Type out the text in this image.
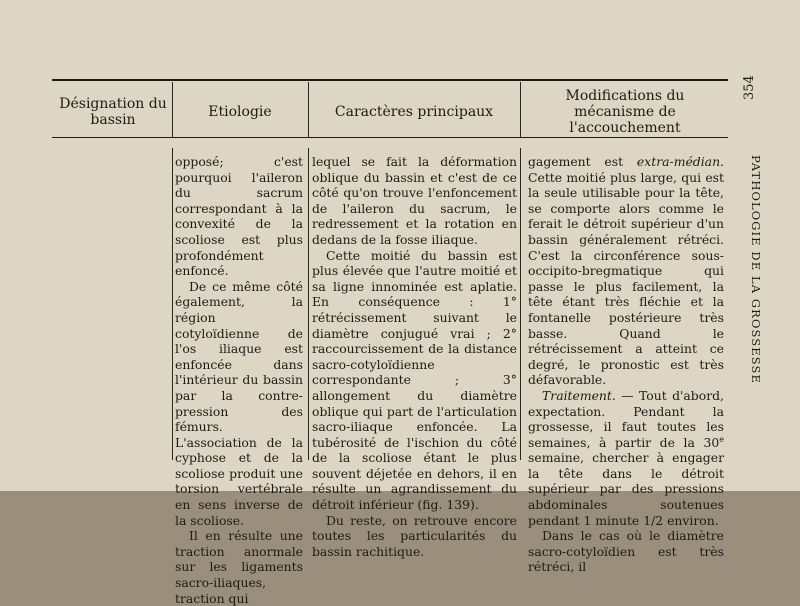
Désignation du bassin	Etiologie	Caractères principaux
Modifications du mécanisme de l'accouchement

opposé; c'est pourquoi l'aileron du sacrum correspondant à la convexité de la scoliose est plus profondément enfoncé.

De ce même côté également, la région cotyloïdienne de l'os iliaque est enfoncée dans l'intérieur du bassin par la contre-pression des fémurs. L'association de la cyphose et de la scoliose produit une torsion vertébrale en sens inverse de la scoliose.

Il en résulte une traction anormale sur les ligaments sacro-iliaques, traction qui

lequel se fait la déformation oblique du bassin et c'est de ce côté qu'on trouve l'enfoncement de l'aileron du sacrum, le redressement et la rotation en dedans de la fosse iliaque.

Cette moitié du bassin est plus élevée que l'autre moitié et sa ligne innominée est aplatie. En conséquence : 1° rétrécissement suivant le diamètre conjugué vrai ; 2° raccourcissement de la distance sacro-cotyloïdienne correspondante ; 3° allongement du diamètre oblique qui part de l'articulation sacro-iliaque enfoncée. La tubérosité de l'ischion du côté de la scoliose étant le plus souvent déjetée en dehors, il en résulte un agrandissement du détroit inférieur (fig. 139).

Du reste, on retrouve encore toutes les particularités du bassin rachitique.

gagement est extra-médian. Cette moitié plus large, qui est la seule utilisable pour la tête, se comporte alors comme le ferait le détroit supérieur d'un bassin généralement rétréci. C'est la circonférence sous-occipito-bregmatique qui passe le plus facilement, la tête étant très fléchie et la fontanelle postérieure très basse. Quand le rétrécissement a atteint ce degré, le pronostic est très défavorable.

Traitement. — Tout d'abord, expectation. Pendant la grossesse, il faut toutes les semaines, à partir de la 30e semaine, chercher à engager la tête dans le détroit supérieur par des pressions abdominales soutenues pendant 1 minute 1/2 environ.

Dans le cas où le diamètre sacro-cotyloïdien est très rétréci, il

354
PATHOLOGIE DE LA GROSSESSE
